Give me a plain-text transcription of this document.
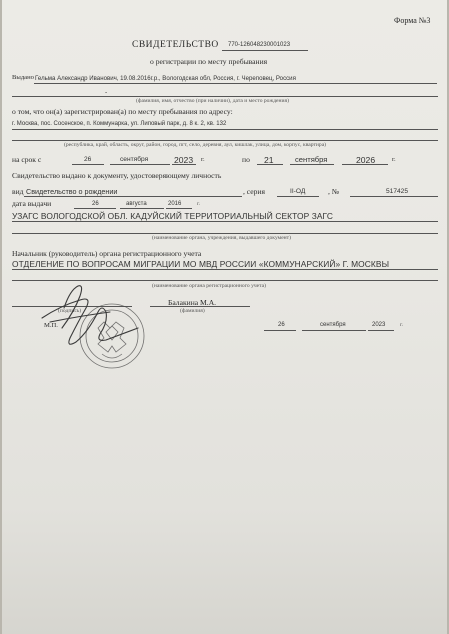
Форма №3
СВИДЕТЕЛЬСТВО 770-126048230001023
о регистрации по месту пребывания
Выдано Гельма Александр Иванович, 19.08.2016г.р., Вологодская обл, Россия, г. Череповец, Россия
-
(фамилия, имя, отчество (при наличии), дата и место рождения)
о том, что он(а) зарегистрирован(а) по месту пребывания по адресу:
г. Москва, пос. Сосенское, п. Коммунарка, ул. Липовый парк, д. 8 к. 2, кв. 132
(республика, край, область, округ, район, город, пгт, село, деревня, аул, кишлак, улица, дом, корпус, квартира)
на срок с	26	сентября	2023 г.	по 21	сентября	2026	г.
Свидетельство выдано к документу, удостоверяющему личность
вид Свидетельство о рождении	, серия	II-ОД	, №	517425
дата выдачи	26	августа	2016	г.
УЗАГС ВОЛОГОДСКОЙ ОБЛ. КАДУЙСКИЙ ТЕРРИТОРИАЛЬНЫЙ СЕКТОР ЗАГС
(наименование органа, учреждения, выдавшего документ)
Начальник (руководитель) органа регистрационного учета
ОТДЕЛЕНИЕ ПО ВОПРОСАМ МИГРАЦИИ МО МВД РОССИИ «КОММУНАРСКИЙ» Г. МОСКВЫ
(наименование органа регистрационного учета)
(подпись)
Балакина М.А.
(фамилия)
М.П.	26	сентября	2023	г.
